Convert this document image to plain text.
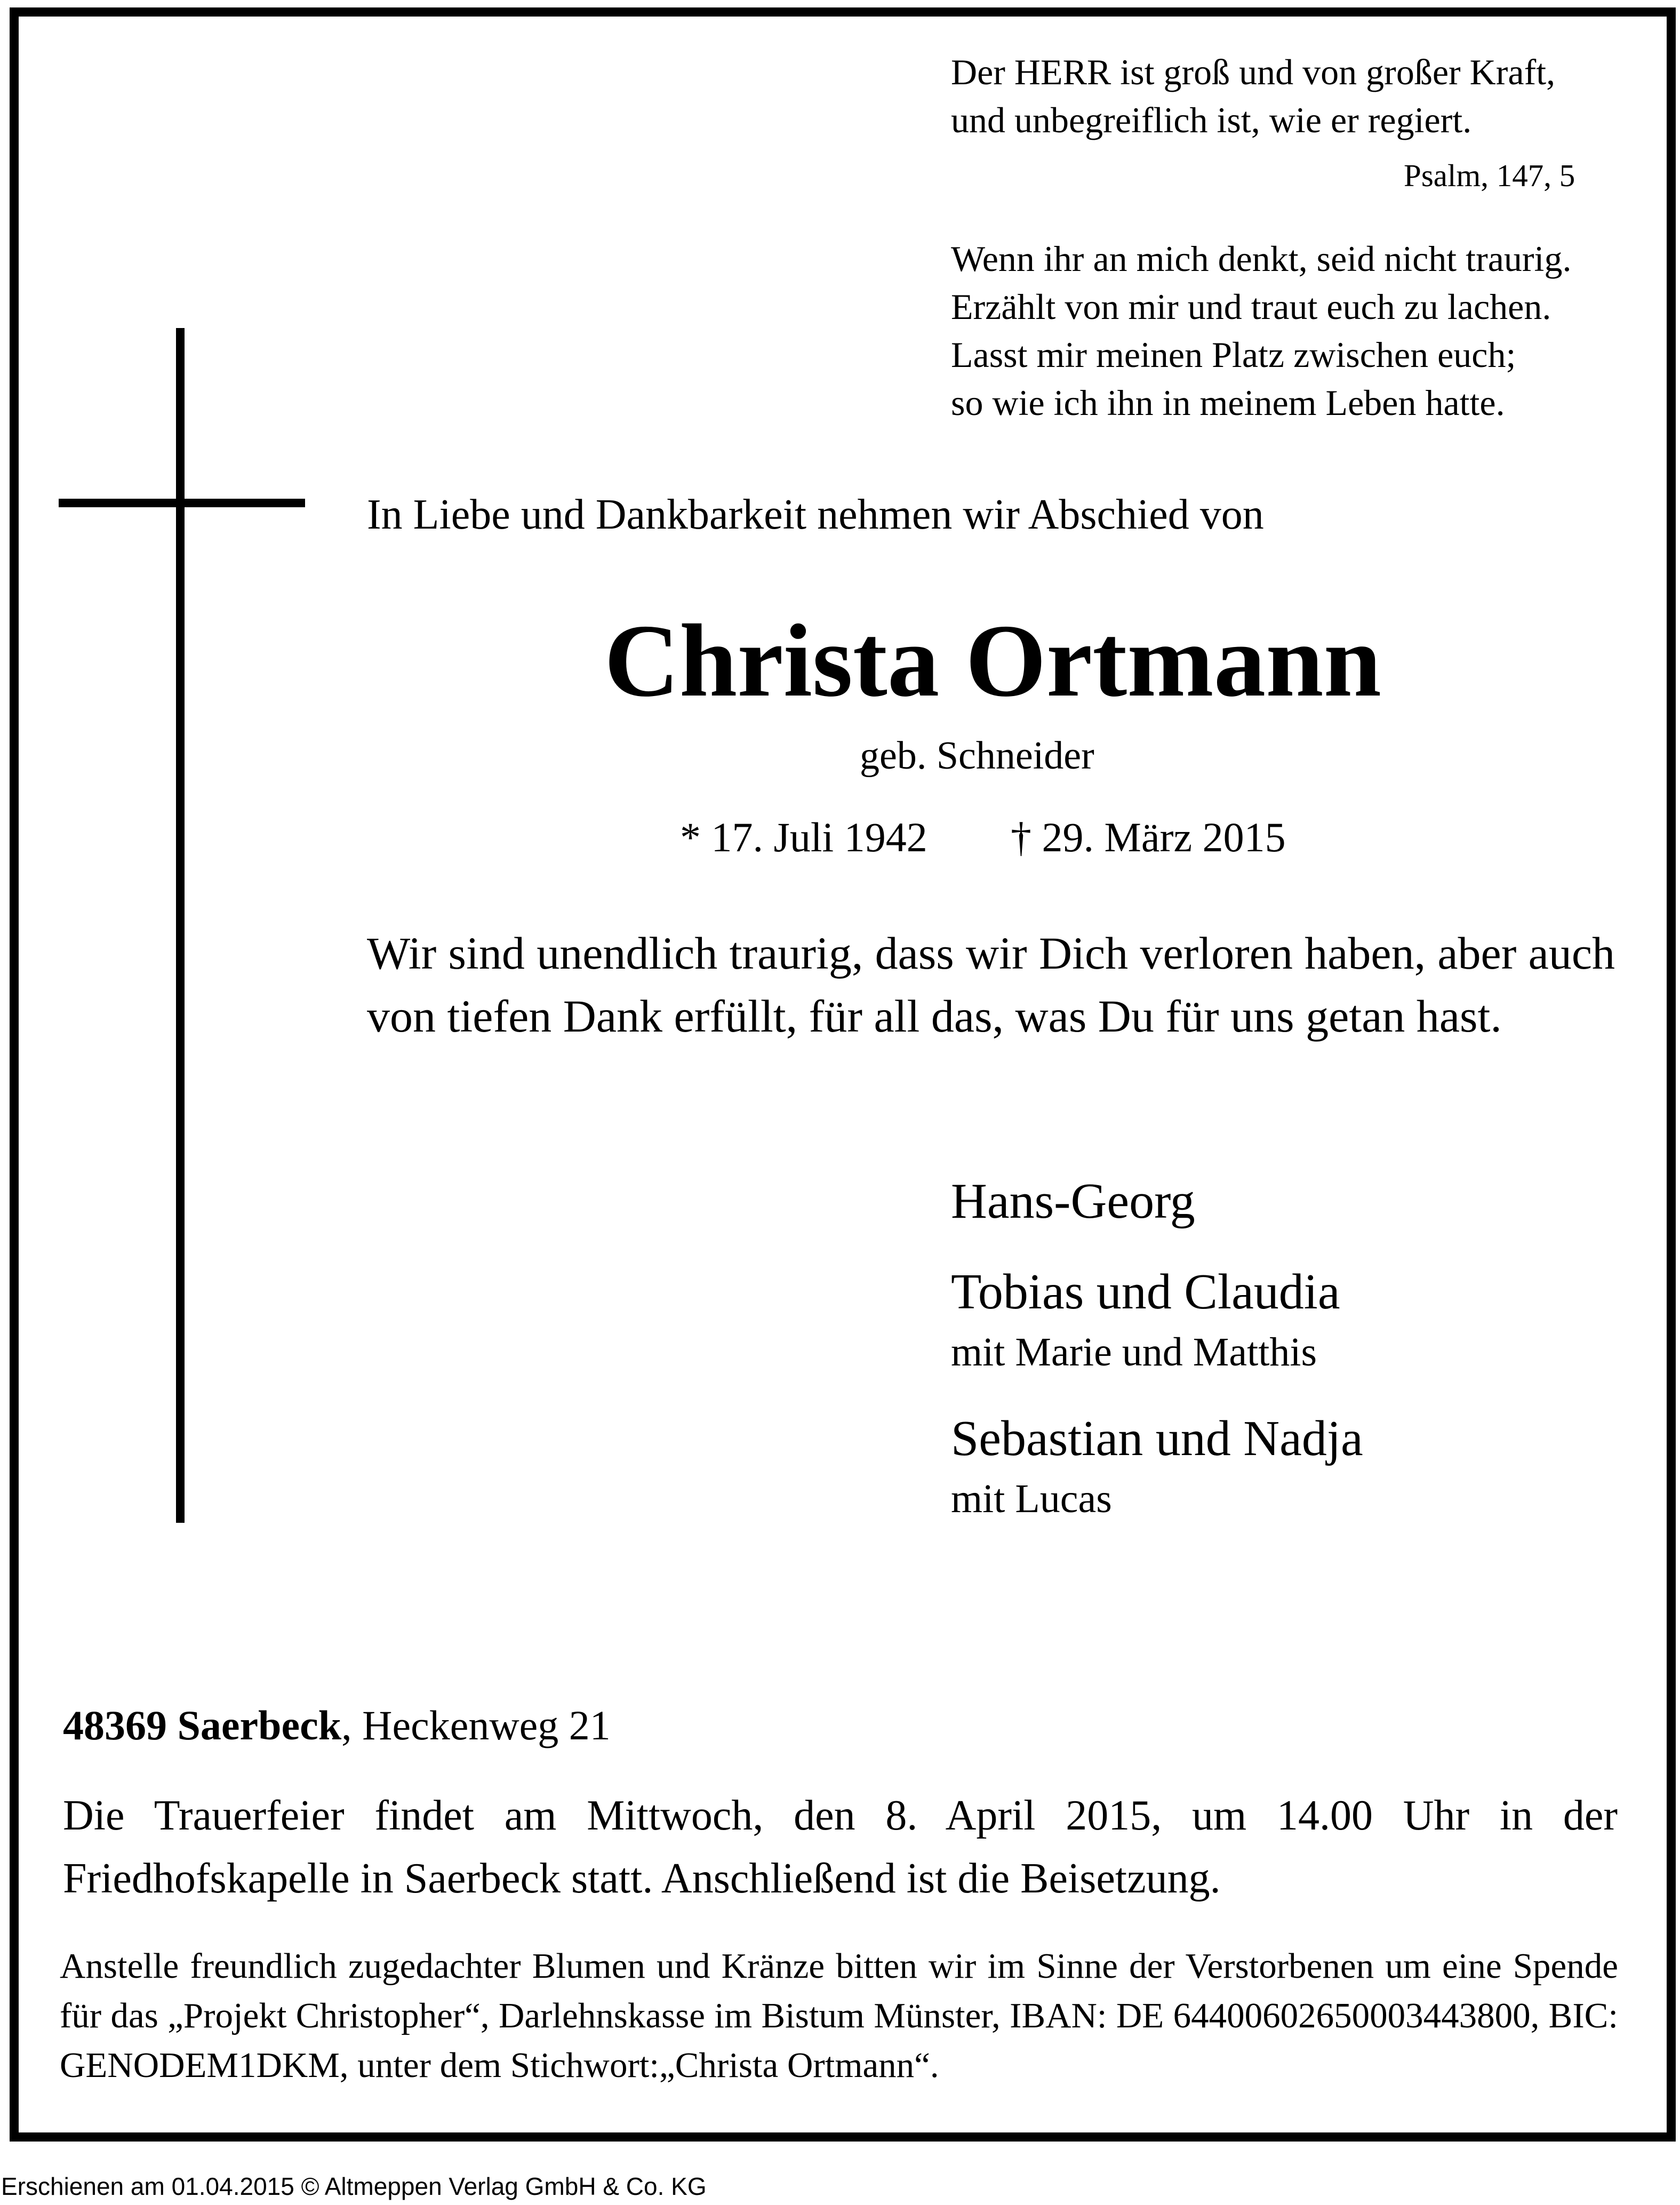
Der HERR ist groß und von großer Kraft,
und unbegreiflich ist, wie er regiert.
Psalm, 147, 5
Wenn ihr an mich denkt, seid nicht traurig.
Erzählt von mir und traut euch zu lachen.
Lasst mir meinen Platz zwischen euch;
so wie ich ihn in meinem Leben hatte.
In Liebe und Dankbarkeit nehmen wir Abschied von
Christa Ortmann
geb. Schneider
* 17. Juli 1942 † 29. März 2015
Wir sind unendlich traurig, dass wir Dich verloren haben, aber auch von tiefen Dank erfüllt, für all das, was Du für uns getan hast.
Hans-Georg
Tobias und Claudia
mit Marie und Matthis
Sebastian und Nadja
mit Lucas
48369 Saerbeck, Heckenweg 21
Die Trauerfeier findet am Mittwoch, den 8. April 2015, um 14.00 Uhr in der Friedhofskapelle in Saerbeck statt. Anschließend ist die Beisetzung.
Anstelle freundlich zugedachter Blumen und Kränze bitten wir im Sinne der Verstorbenen um eine Spende für das „Projekt Christopher“, Darlehnskasse im Bistum Münster, IBAN: DE 64400602650003443800, BIC: GENODEM1DKM, unter dem Stichwort:„Christa Ortmann“.
Erschienen am 01.04.2015 © Altmeppen Verlag GmbH & Co. KG
